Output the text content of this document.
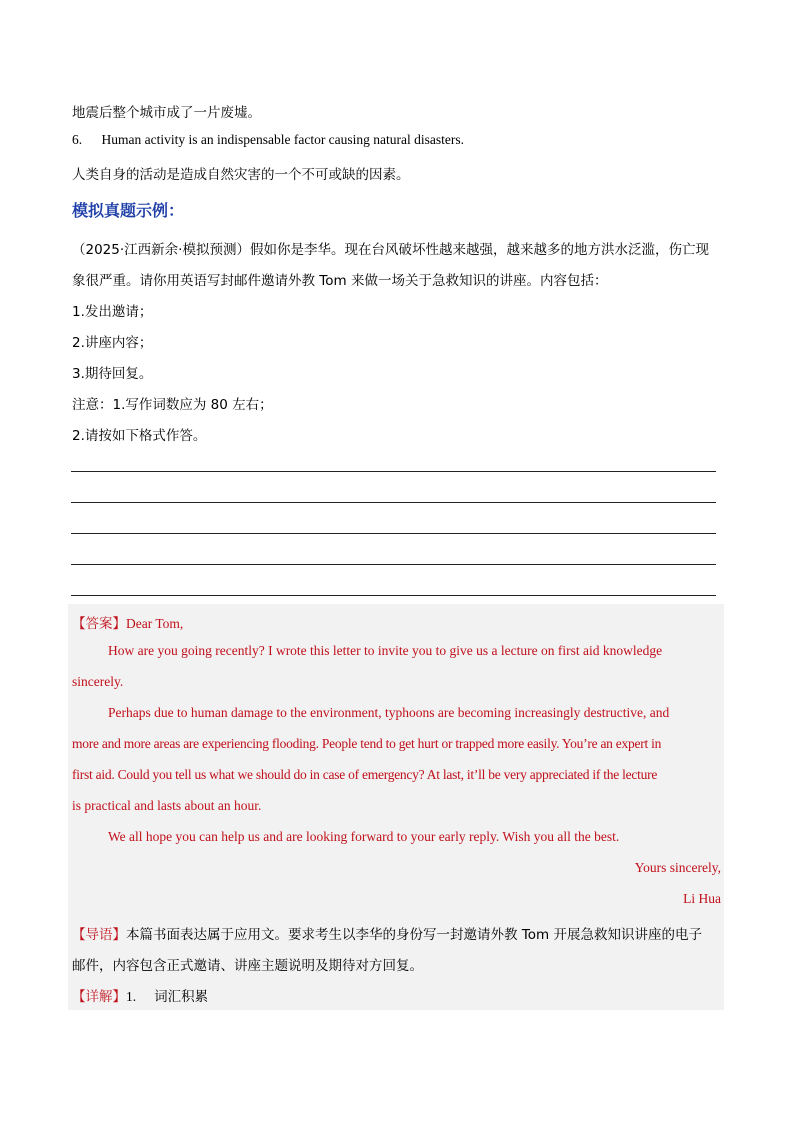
地震后整个城市成了一片废墟。
6. Human activity is an indispensable factor causing natural disasters.
人类自身的活动是造成自然灾害的一个不可或缺的因素。
模拟真题示例：
（2025·江西新余·模拟预测）假如你是李华。现在台风破坏性越来越强，越来越多的地方洪水泛滥，伤亡现
象很严重。请你用英语写封邮件邀请外教 Tom 来做一场关于急救知识的讲座。内容包括：
1.发出邀请；
2.讲座内容；
3.期待回复。
注意：1.写作词数应为 80 左右；
2.请按如下格式作答。
【答案】Dear Tom,
How are you going recently? I wrote this letter to invite you to give us a lecture on first aid knowledge
sincerely.
Perhaps due to human damage to the environment, typhoons are becoming increasingly destructive, and
more and more areas are experiencing flooding. People tend to get hurt or trapped more easily. You’re an expert in
first aid. Could you tell us what we should do in case of emergency? At last, it’ll be very appreciated if the lecture
is practical and lasts about an hour.
We all hope you can help us and are looking forward to your early reply. Wish you all the best.
Yours sincerely,
Li Hua
【导语】本篇书面表达属于应用文。要求考生以李华的身份写一封邀请外教 Tom 开展急救知识讲座的电子
邮件，内容包含正式邀请、讲座主题说明及期待对方回复。
【详解】1. 词汇积累
